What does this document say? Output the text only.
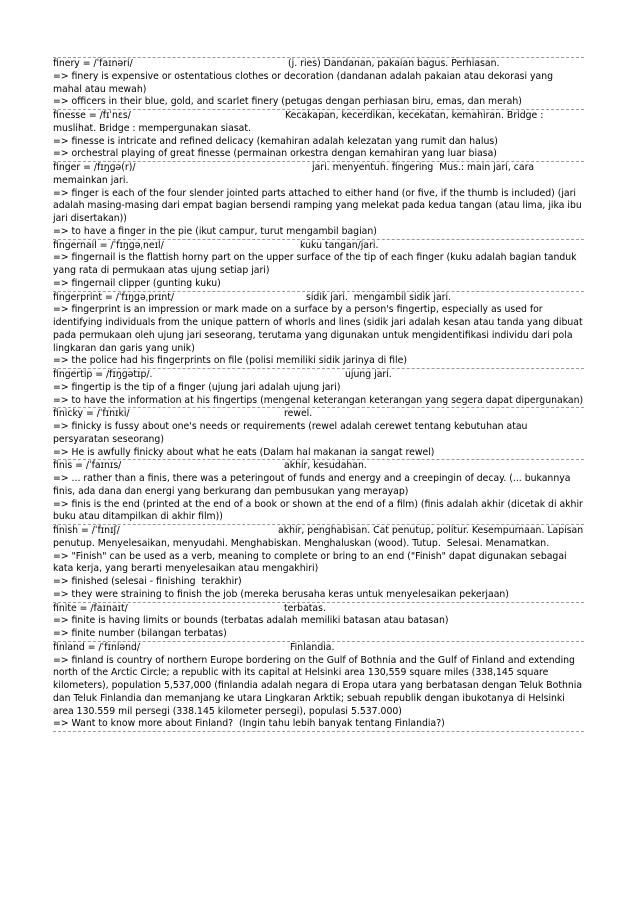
finery = /ˈfaɪnəri/	(j. ries) Dandanan, pakaian bagus. Perhiasan.
=> finery is expensive or ostentatious clothes or decoration (dandanan adalah pakaian atau dekorasi yang mahal atau mewah)
=> officers in their blue, gold, and scarlet finery (petugas dengan perhiasan biru, emas, dan merah)
finesse = /fɪˈnɛs/	Kecakapan, kecerdikan, kecekatan, kemahiran. Bridge : muslihat. Bridge : mempergunakan siasat.
=> finesse is intricate and refined delicacy (kemahiran adalah kelezatan yang rumit dan halus)
=> orchestral playing of great finesse (permainan orkestra dengan kemahiran yang luar biasa)
finger = /fɪŋɡə(r)/	jari. menyentuh. fingering  Mus.: main jari, cara memainkan jari.
=> finger is each of the four slender jointed parts attached to either hand (or five, if the thumb is included) (jari adalah masing-masing dari empat bagian bersendi ramping yang melekat pada kedua tangan (atau lima, jika ibu jari disertakan))
=> to have a finger in the pie (ikut campur, turut mengambil bagian)
fingernail = /ˈfɪŋɡəˌneɪl/	kuku tangan/jari.
=> fingernail is the flattish horny part on the upper surface of the tip of each finger (kuku adalah bagian tanduk yang rata di permukaan atas ujung setiap jari)
=> fingernail clipper (gunting kuku)
fingerprint = /ˈfɪŋɡəˌprɪnt/	sidik jari.  mengambil sidik jari.
=> fingerprint is an impression or mark made on a surface by a person's fingertip, especially as used for identifying individuals from the unique pattern of whorls and lines (sidik jari adalah kesan atau tanda yang dibuat pada permukaan oleh ujung jari seseorang, terutama yang digunakan untuk mengidentifikasi individu dari pola lingkaran dan garis yang unik)
=> the police had his fingerprints on file (polisi memiliki sidik jarinya di file)
fingertip = /fɪŋɡətɪp/.	ujung jari.
=> fingertip is the tip of a finger (ujung jari adalah ujung jari)
=> to have the information at his fingertips (mengenal keterangan keterangan yang segera dapat dipergunakan)
finicky = /ˈfɪnɪki/	rewel.
=> finicky is fussy about one's needs or requirements (rewel adalah cerewet tentang kebutuhan atau persyaratan seseorang)
=> He is awfully finicky about what he eats (Dalam hal makanan ia sangat rewel)
finis = /ˈfaɪnɪs/	akhir, kesudahan.
=> ... rather than a finis, there was a peteringout of funds and energy and a creepingin of decay. (... bukannya finis, ada dana dan energi yang berkurang dan pembusukan yang merayap)
=> finis is the end (printed at the end of a book or shown at the end of a film) (finis adalah akhir (dicetak di akhir buku atau ditampilkan di akhir film))
finish = /ˈfɪnɪʃ/	akhir, penghabisan. Cat penutup, politur. Kesempurnaan. Lapisan penutup. Menyelesaikan, menyudahi. Menghabiskan. Menghaluskan (wood). Tutup.  Selesai. Menamatkan.
=> "Finish" can be used as a verb, meaning to complete or bring to an end ("Finish" dapat digunakan sebagai kata kerja, yang berarti menyelesaikan atau mengakhiri)
=> finished (selesai - finishing  terakhir)
=> they were straining to finish the job (mereka berusaha keras untuk menyelesaikan pekerjaan)
finite = /faɪnaɪt/	terbatas.
=> finite is having limits or bounds (terbatas adalah memiliki batasan atau batasan)
=> finite number (bilangan terbatas)
finland = /ˈfɪnlənd/	Finlandia.
=> finland is country of northern Europe bordering on the Gulf of Bothnia and the Gulf of Finland and extending north of the Arctic Circle; a republic with its capital at Helsinki area 130,559 square miles (338,145 square kilometers), population 5,537,000 (finlandia adalah negara di Eropa utara yang berbatasan dengan Teluk Bothnia dan Teluk Finlandia dan memanjang ke utara Lingkaran Arktik; sebuah republik dengan ibukotanya di Helsinki area 130.559 mil persegi (338.145 kilometer persegi), populasi 5.537.000)
=> Want to know more about Finland?  (Ingin tahu lebih banyak tentang Finlandia?)
